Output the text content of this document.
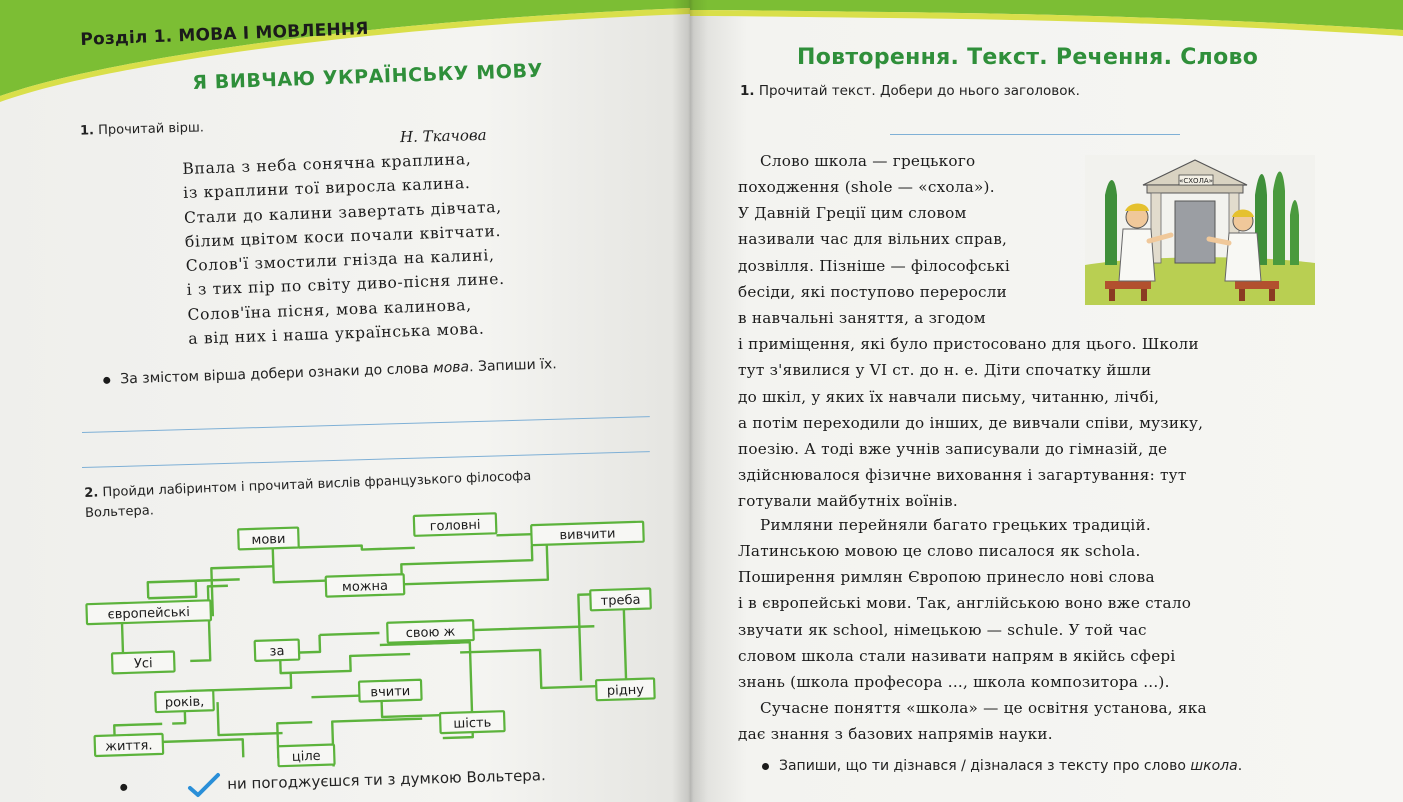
Розділ 1. МОВА І МОВЛЕННЯ
Я ВИВЧАЮ УКРАЇНСЬКУ МОВУ
1. Прочитай вірш.	Н. Ткачова
Впала з неба сонячна краплина,
із краплини тої виросла калина.
Стали до калини завертать дівчата,
білим цвітом коси почали квітчати.
Солов'ї змостили гнізда на калині,
і з тих пір по світу диво-пісня лине.
Солов'їна пісня, мова калинова,
а від них і наша українська мова.
За змістом вірша добери ознаки до слова мова. Запиши їх.
2. Пройди лабіринтом і прочитай вислів французького філософа
Вольтера.
мови
головні
вивчити
можна
європейські
треба
Усі
за
свою ж
років,
вчити	рідну
життя.
шість
ціле
ни погоджуєшся ти з думкою Вольтера.
Повторення. Текст. Речення. Слово
1. Прочитай текст. Добери до нього заголовок.
«СХОЛА»
Слово школа — грецького
походження (shole — «схола»).
У Давній Греції цим словом
називали час для вільних справ,
дозвілля. Пізніше — філософські
бесіди, які поступово переросли
в навчальні заняття, а згодом
і приміщення, які було пристосовано для цього. Школи
тут з'явилися у VI ст. до н. е. Діти спочатку йшли
до шкіл, у яких їх навчали письму, читанню, лічбі,
а потім переходили до інших, де вивчали співи, музику,
поезію. А тоді вже учнів записували до гімназій, де
здійснювалося фізичне виховання і загартування: тут
готували майбутніх воїнів.
Римляни перейняли багато грецьких традицій.
Латинською мовою це слово писалося як schola.
Поширення римлян Європою принесло нові слова
і в європейські мови. Так, англійською воно вже стало
звучати як school, німецькою — schule. У той час
словом школа стали називати напрям в якійсь сфері
знань (школа професора ..., школа композитора ...).
Сучасне поняття «школа» — це освітня установа, яка
дає знання з базових напрямів науки.
Запиши, що ти дізнався / дізналася з тексту про слово школа.
